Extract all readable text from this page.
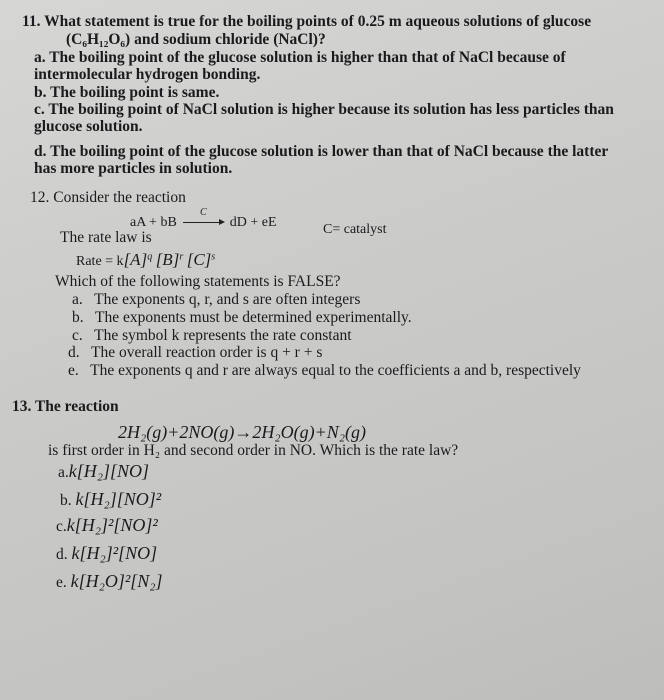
11. What statement is true for the boiling points of 0.25 m aqueous solutions of glucose
(C₆H₁₂O₆) and sodium chloride (NaCl)?
a. The boiling point of the glucose solution is higher than that of NaCl because of
intermolecular hydrogen bonding.
b. The boiling point is same.
c. The boiling point of NaCl solution is higher because its solution has less particles than
glucose solution.
d. The boiling point of the glucose solution is lower than that of NaCl because the latter
has more particles in solution.
12. Consider the reaction
aA + bB
C
dD + eE	C= catalyst
The rate law is
Rate = $k[A]^q$ $[B]^r$ $[C]^s$
Which of the following statements is FALSE?
a. The exponents q, r, and s are often integers
b. The exponents must be determined experimentally.
c. The symbol k represents the rate constant
d. The overall reaction order is q + r + s
e. The exponents q and r are always equal to the coefficients a and b, respectively
13. The reaction
2H₂(g)+2NO(g)→2H₂O(g)+N₂(g)
is first order in H₂ and second order in NO. Which is the rate law?
a.k[H₂][NO]
b. k[H₂][NO]²
c.k[H₂]²[NO]²
d. k[H₂]²[NO]
e. k[H₂O]²[N₂]
